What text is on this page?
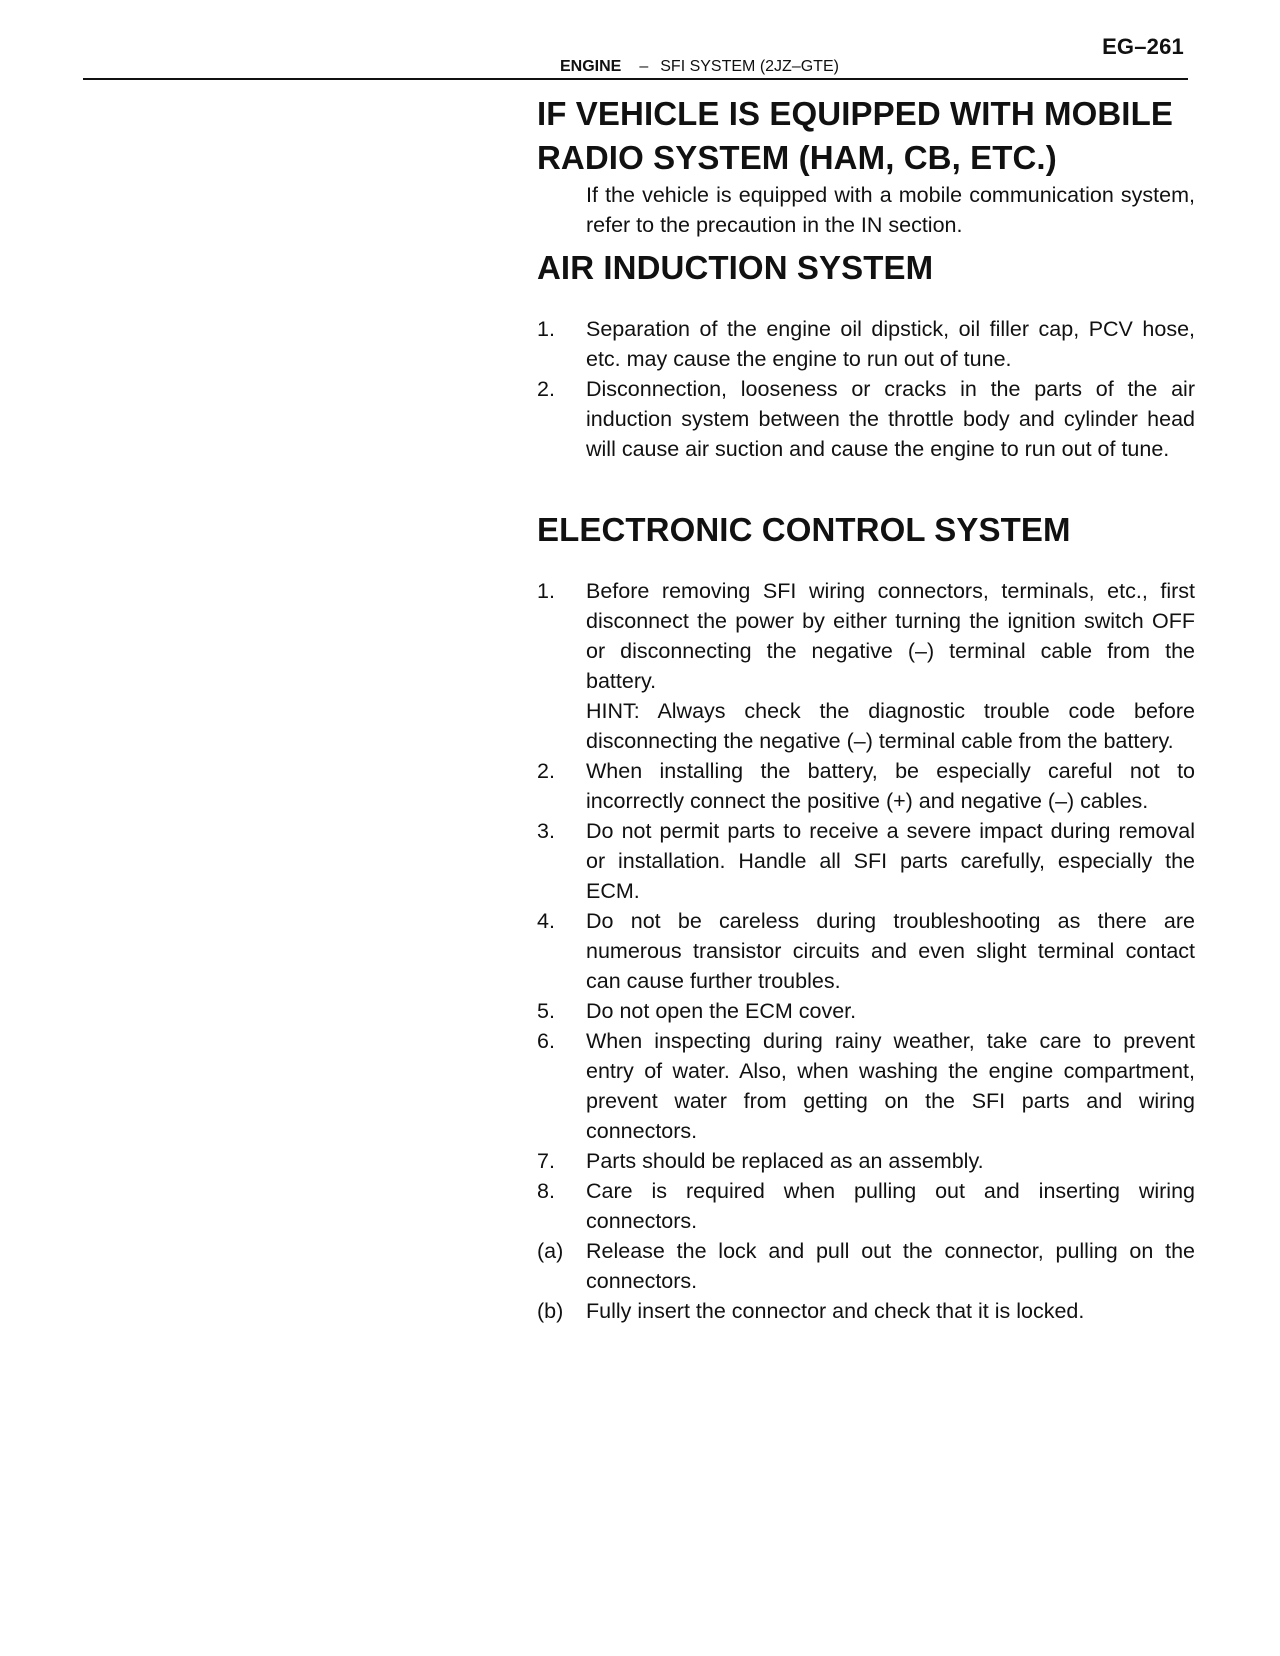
EG–261
ENGINE – SFI SYSTEM (2JZ–GTE)
IF VEHICLE IS EQUIPPED WITH MOBILE RADIO SYSTEM (HAM, CB, ETC.)

If the vehicle is equipped with a mobile communication system, refer to the precaution in the IN section.

AIR INDUCTION SYSTEM
1.	Separation of the engine oil dipstick, oil filler cap, PCV hose, etc. may cause the engine to run out of tune.
2.	Disconnection, looseness or cracks in the parts of the air induction system between the throttle body and cylinder head will cause air suction and cause the engine to run out of tune.
ELECTRONIC CONTROL SYSTEM
1.	Before removing SFI wiring connectors, terminals, etc., first disconnect the power by either turning the ignition switch OFF or disconnecting the negative (–) terminal cable from the battery.
HINT: Always check the diagnostic trouble code before disconnecting the negative (–) terminal cable from the battery.
2.	When installing the battery, be especially careful not to incorrectly connect the positive (+) and negative (–) cables.
3.	Do not permit parts to receive a severe impact during removal or installation. Handle all SFI parts carefully, especially the ECM.
4.	Do not be careless during troubleshooting as there are numerous transistor circuits and even slight terminal contact can cause further troubles.
5.	Do not open the ECM cover.
6.	When inspecting during rainy weather, take care to prevent entry of water. Also, when washing the engine compartment, prevent water from getting on the SFI parts and wiring connectors.
7.	Parts should be replaced as an assembly.
8.	Care is required when pulling out and inserting wiring connectors.
(a)	Release the lock and pull out the connector, pulling on the connectors.
(b)	Fully insert the connector and check that it is locked.
